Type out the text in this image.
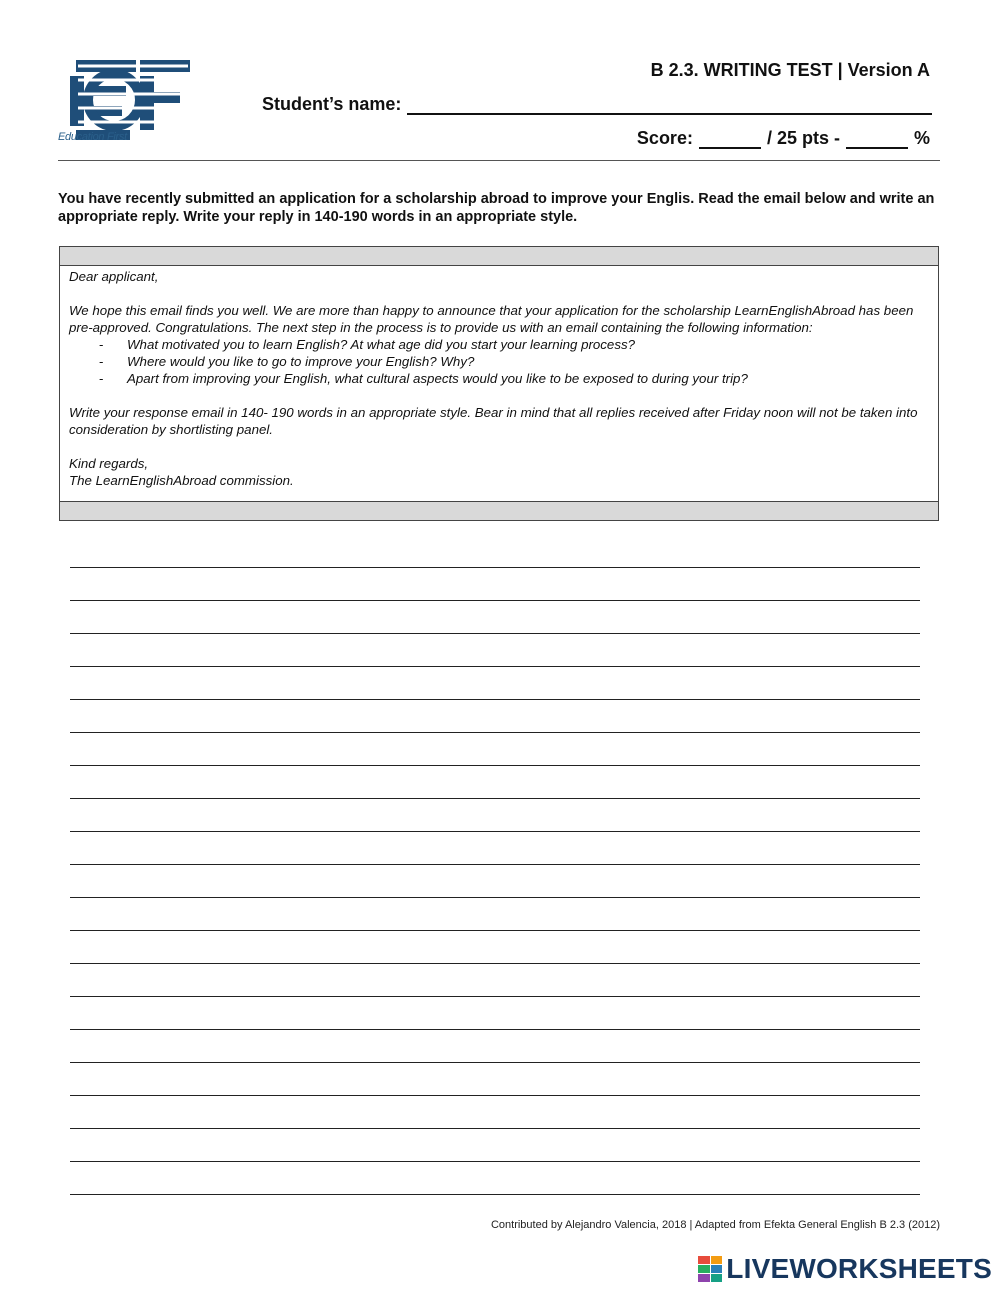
Education First
B 2.3. WRITING TEST | Version A
Student’s name:
Score:	/ 25 pts -	%
You have recently submitted an application for a scholarship abroad to improve your Englis. Read the email below and write an appropriate reply. Write your reply in 140-190 words in an appropriate style.

Dear applicant,

We hope this email finds you well. We are more than happy to announce that your application for the scholarship LearnEnglishAbroad has been pre-approved. Congratulations. The next step in the process is to provide us with an email containing the following information:

-	What motivated you to learn English? At what age did you start your learning process?
-	Where would you like to go to improve your English? Why?
-	Apart from improving your English, what cultural aspects would you like to be exposed to during your trip?

Write your response email in 140- 190 words in an appropriate style. Bear in mind that all replies received after Friday noon will not be taken into consideration by shortlisting panel.

Kind regards,

The LearnEnglishAbroad commission.

Contributed by Alejandro Valencia, 2018 | Adapted from Efekta General English B 2.3 (2012)
LIVEWORKSHEETS
